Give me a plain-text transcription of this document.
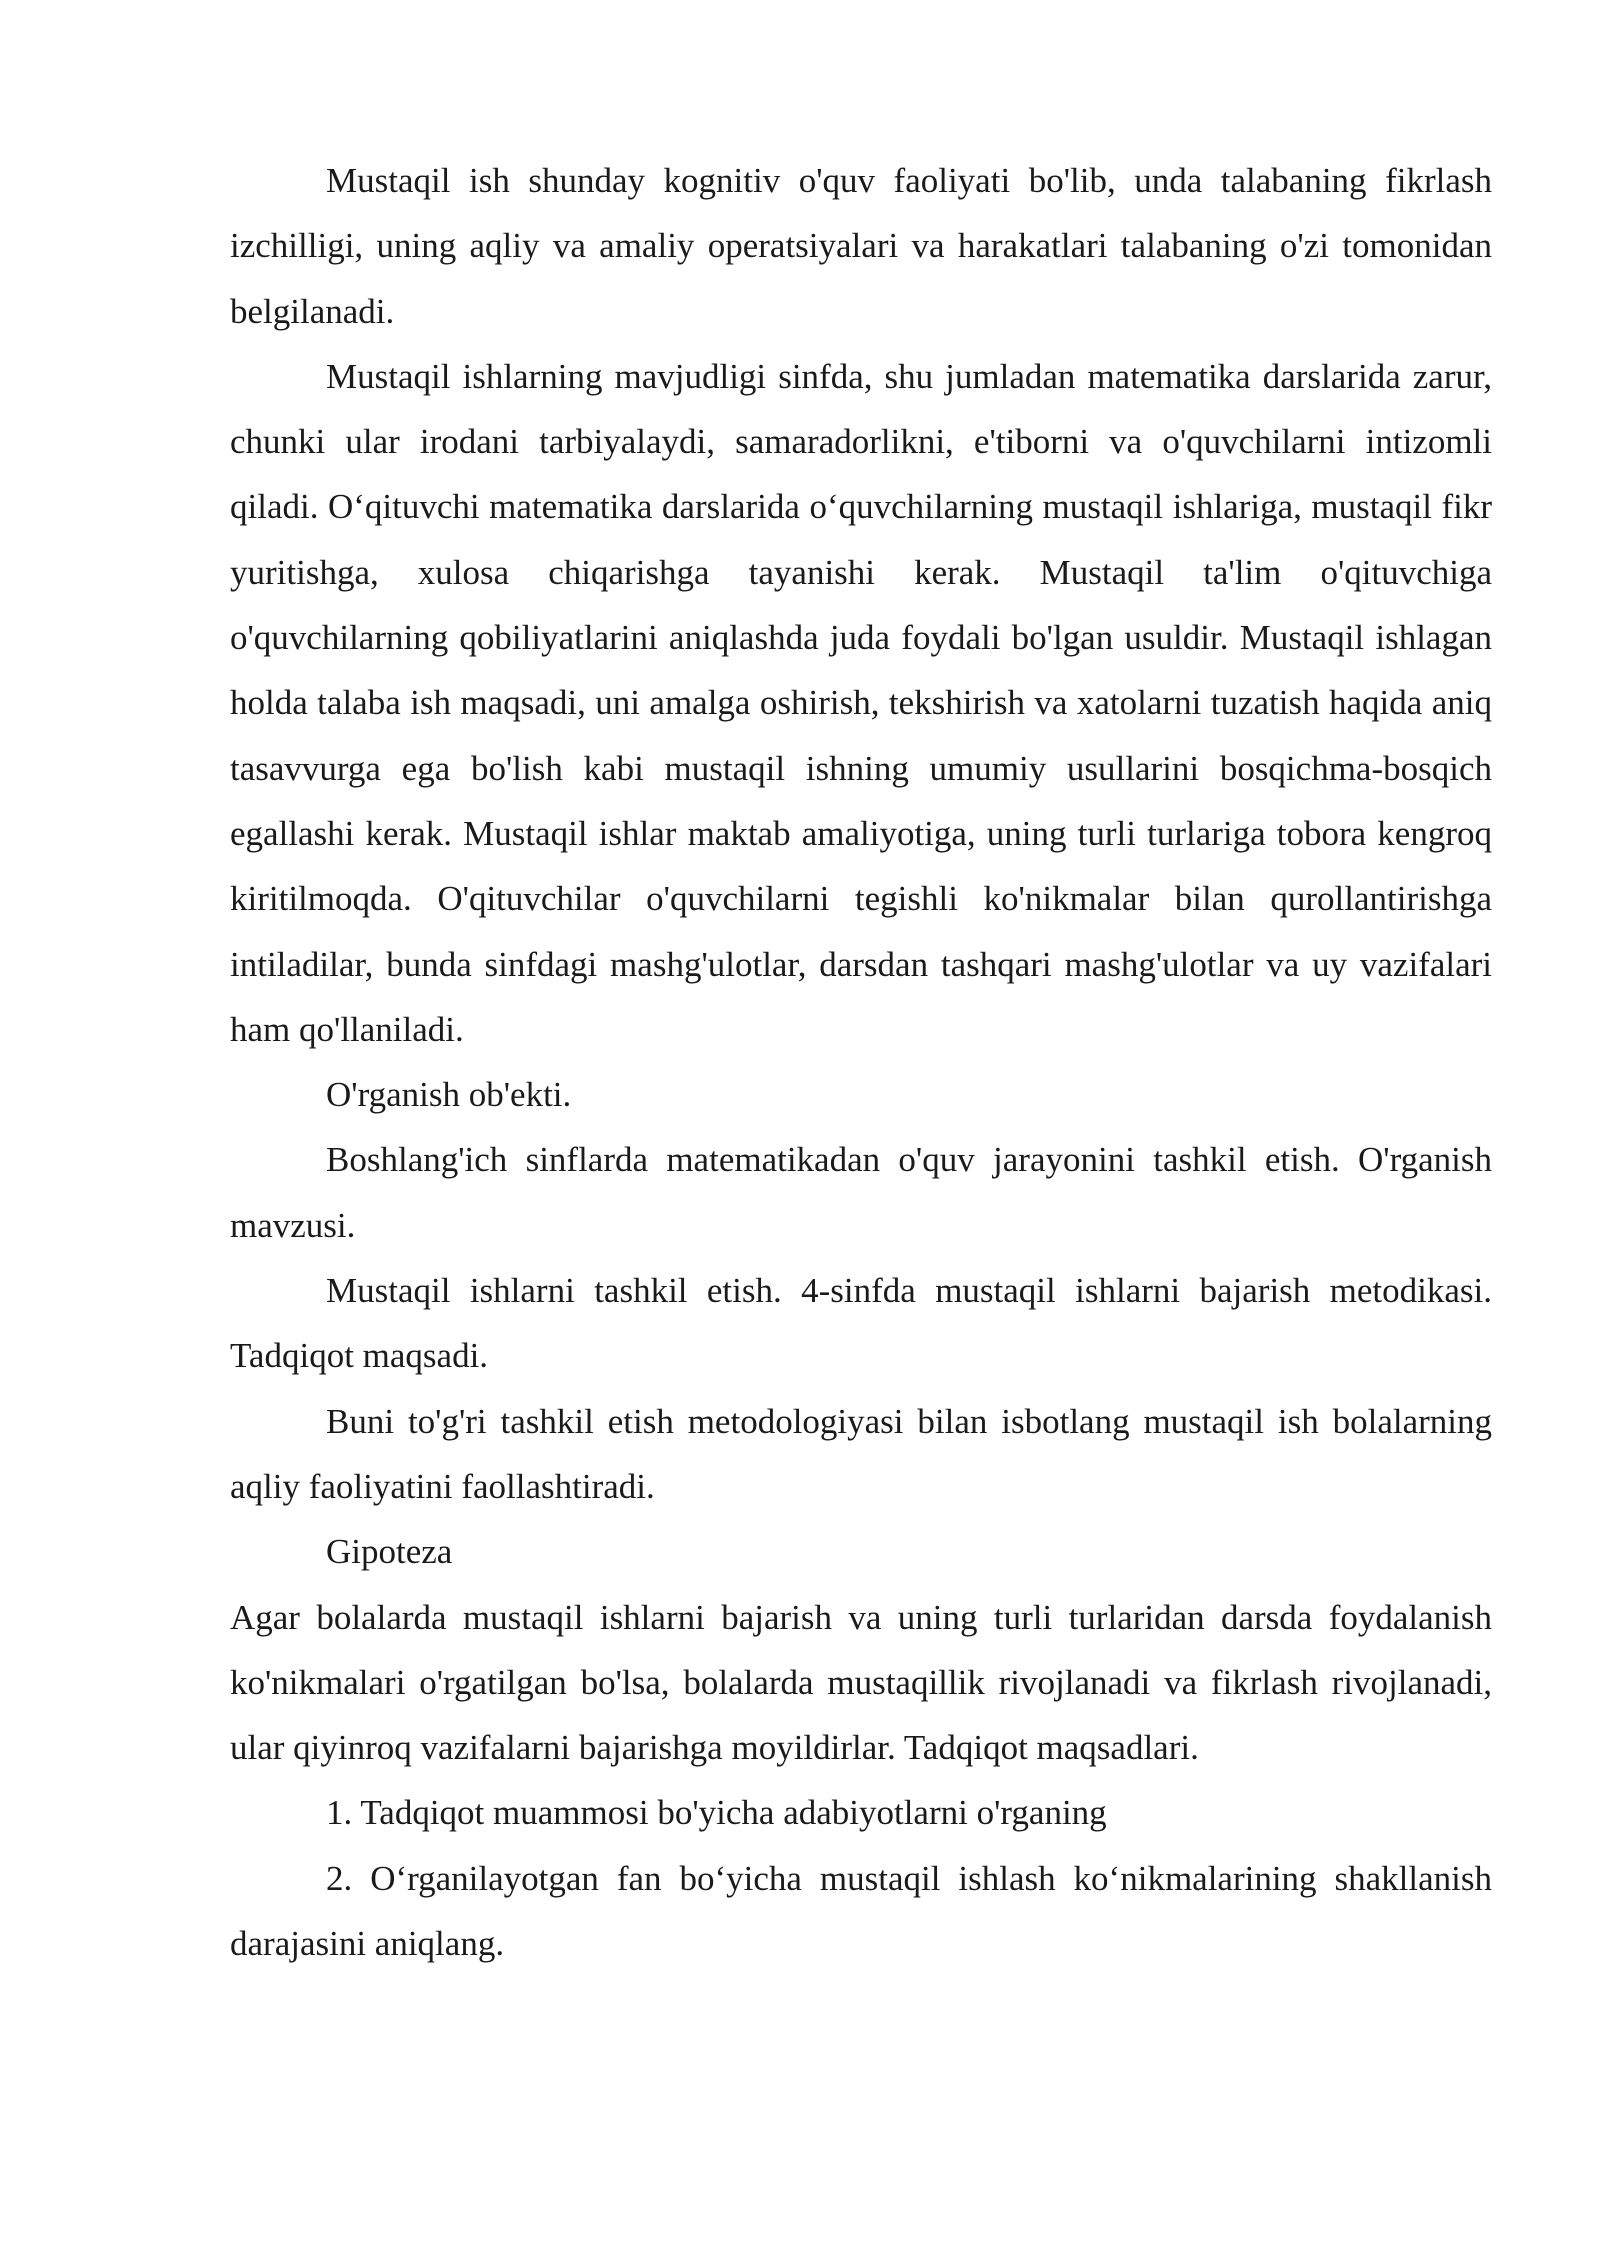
Mustaqil ish shunday kognitiv o'quv faoliyati bo'lib, unda talabaning fikrlash izchilligi, uning aqliy va amaliy operatsiyalari va harakatlari talabaning o'zi tomonidan belgilanadi.

Mustaqil ishlarning mavjudligi sinfda, shu jumladan matematika darslarida zarur, chunki ular irodani tarbiyalaydi, samaradorlikni, e'tiborni va o'quvchilarni intizomli qiladi. O‘qituvchi matematika darslarida o‘quvchilarning mustaqil ishlariga, mustaqil fikr yuritishga, xulosa chiqarishga tayanishi kerak. Mustaqil ta'lim o'qituvchiga o'quvchilarning qobiliyatlarini aniqlashda juda foydali bo'lgan usuldir. Mustaqil ishlagan holda talaba ish maqsadi, uni amalga oshirish, tekshirish va xatolarni tuzatish haqida aniq tasavvurga ega bo'lish kabi mustaqil ishning umumiy usullarini bosqichma-bosqich egallashi kerak. Mustaqil ishlar maktab amaliyotiga, uning turli turlariga tobora kengroq kiritilmoqda. O'qituvchilar o'quvchilarni tegishli ko'nikmalar bilan qurollantirishga intiladilar, bunda sinfdagi mashg'ulotlar, darsdan tashqari mashg'ulotlar va uy vazifalari ham qo'llaniladi.

O'rganish ob'ekti.

Boshlang'ich sinflarda matematikadan o'quv jarayonini tashkil etish. O'rganish mavzusi.

Mustaqil ishlarni tashkil etish. 4-sinfda mustaqil ishlarni bajarish metodikasi. Tadqiqot maqsadi.

Buni to'g'ri tashkil etish metodologiyasi bilan isbotlang mustaqil ish bolalarning aqliy faoliyatini faollashtiradi.

Gipoteza

Agar bolalarda mustaqil ishlarni bajarish va uning turli turlaridan darsda foydalanish ko'nikmalari o'rgatilgan bo'lsa, bolalarda mustaqillik rivojlanadi va fikrlash rivojlanadi, ular qiyinroq vazifalarni bajarishga moyildirlar. Tadqiqot maqsadlari.

1. Tadqiqot muammosi bo'yicha adabiyotlarni o'rganing

2. O‘rganilayotgan fan bo‘yicha mustaqil ishlash ko‘nikmalarining shakllanish darajasini aniqlang.
